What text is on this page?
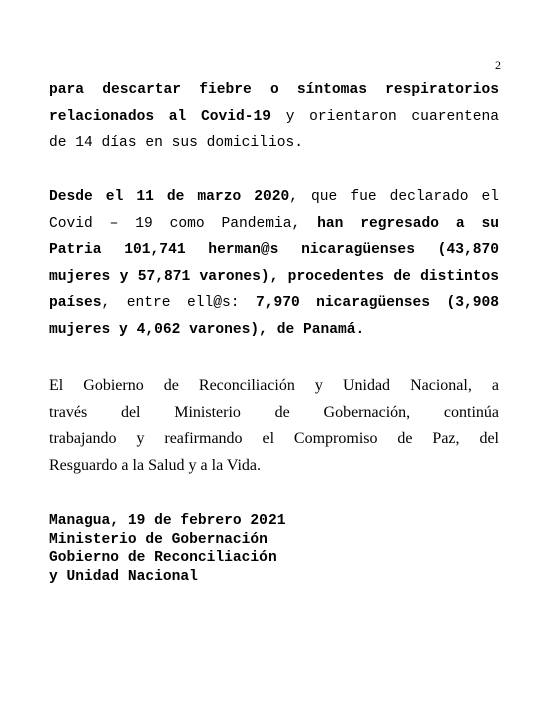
2
para descartar fiebre o síntomas respiratorios
relacionados al Covid-19 y orientaron cuarentena
de 14 días en sus domicilios.
Desde el 11 de marzo 2020, que fue declarado el
Covid – 19 como Pandemia, han regresado a su
Patria 101,741 herman@s nicaragüenses (43,870
mujeres y 57,871 varones), procedentes de distintos
países, entre ell@s: 7,970 nicaragüenses (3,908
mujeres y 4,062 varones), de Panamá.
El Gobierno de Reconciliación y Unidad Nacional, a
través del Ministerio de Gobernación, continúa
trabajando y reafirmando el Compromiso de Paz, del
Resguardo a la Salud y a la Vida.
Managua, 19 de febrero 2021
Ministerio de Gobernación
Gobierno de Reconciliación
y Unidad Nacional
